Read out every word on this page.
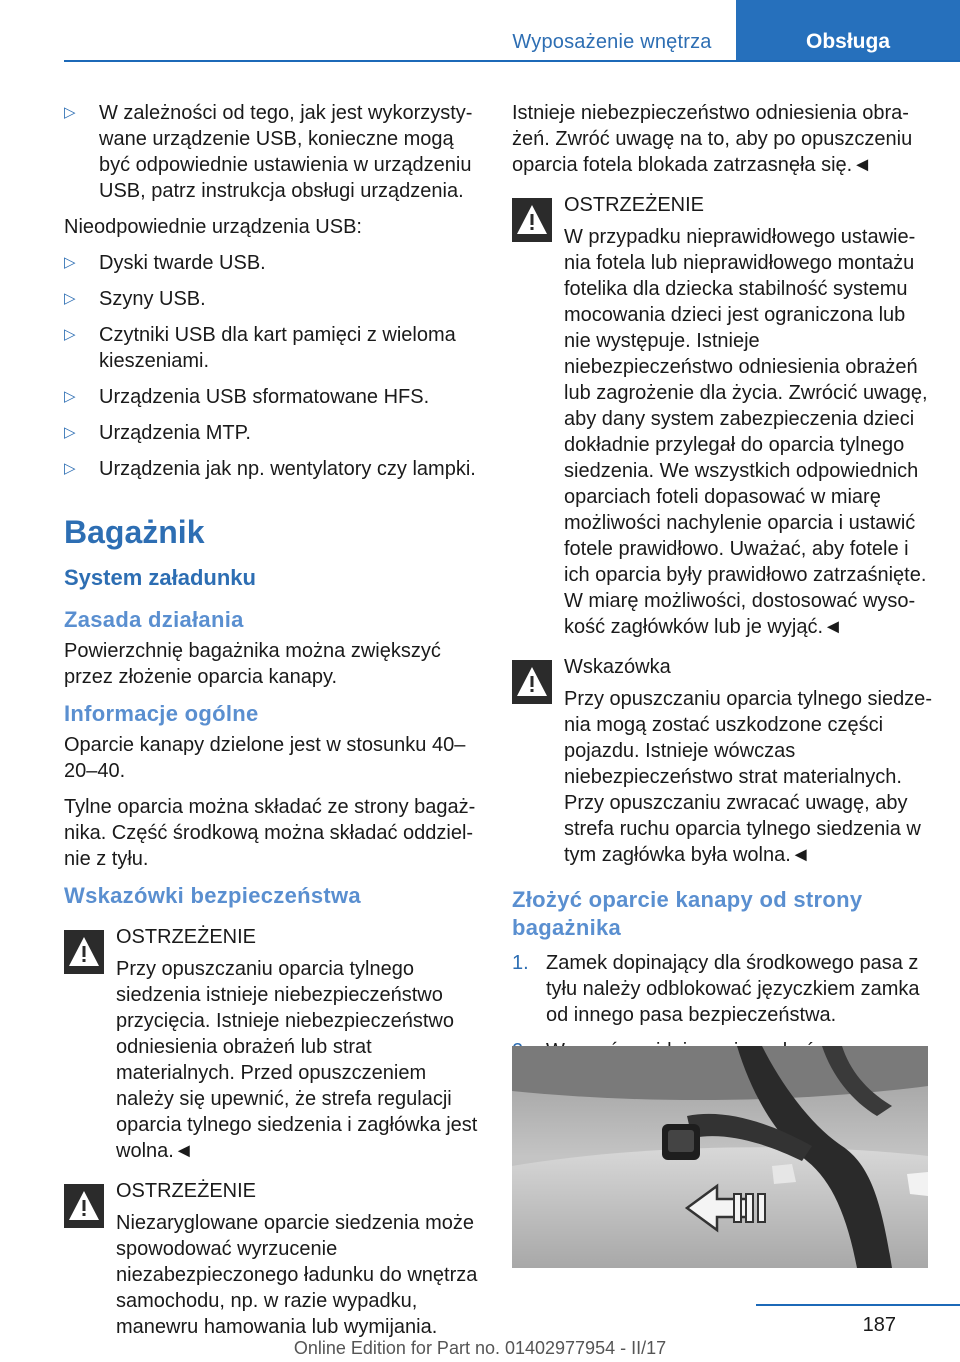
Wyposażenie wnętrza	Obsługa
▷ W zależności od tego, jak jest wykorzystywane urządzenie USB, konieczne mogą być odpowiednie ustawienia w urządzeniu USB, patrz instrukcja obsługi urządzenia.

Nieodpowiednie urządzenia USB:

▷ Dyski twarde USB.
▷ Szyny USB.
▷ Czytniki USB dla kart pamięci z wieloma kieszeniami.
▷ Urządzenia USB sformatowane HFS.
▷ Urządzenia MTP.
▷ Urządzenia jak np. wentylatory czy lampki.
Bagażnik
System załadunku
Zasada działania

Powierzchnię bagażnika można zwiększyć przez złożenie oparcia kanapy.

Informacje ogólne

Oparcie kanapy dzielone jest w stosunku 40–20–40.

Tylne oparcia można składać ze strony bagażnika. Część środkową można składać oddzielnie z tyłu.

Wskazówki bezpieczeństwa
OSTRZEŻENIE
Przy opuszczaniu oparcia tylnego siedzenia istnieje niebezpieczeństwo przycięcia. Istnieje niebezpieczeństwo odniesienia obrażeń lub strat materialnych. Przed opuszczeniem należy się upewnić, że strefa regulacji oparcia tylnego siedzenia i zagłówka jest wolna.◄
OSTRZEŻENIE
Niezaryglowane oparcie siedzenia może spowodować wyrzucenie niezabezpieczonego ładunku do wnętrza samochodu, np. w razie wypadku, manewru hamowania lub wymijania.

Istnieje niebezpieczeństwo odniesienia obrażeń. Zwróć uwagę na to, aby po opuszczeniu oparcia fotela blokada zatrzasnęła się.◄

OSTRZEŻENIE
W przypadku nieprawidłowego ustawienia fotela lub nieprawidłowego montażu fotelika dla dziecka stabilność systemu mocowania dzieci jest ograniczona lub nie występuje. Istnieje niebezpieczeństwo odniesienia obrażeń lub zagrożenie dla życia. Zwrócić uwagę, aby dany system zabezpieczenia dzieci dokładnie przylegał do oparcia tylnego siedzenia. We wszystkich odpowiednich oparciach foteli dopasować w miarę możliwości nachylenie oparcia i ustawić fotele prawidłowo. Uważać, aby fotele i ich oparcia były prawidłowo zatrzaśnięte. W miarę możliwości, dostosować wysokość zagłówków lub je wyjąć.◄
Wskazówka
Przy opuszczaniu oparcia tylnego siedzenia mogą zostać uszkodzone części pojazdu. Istnieje wówczas niebezpieczeństwo strat materialnych. Przy opuszczaniu zwracać uwagę, aby strefa ruchu oparcia tylnego siedzenia w tym zagłówka była wolna.◄
Złożyć oparcie kanapy od strony bagażnika
1. Zamek dopinający dla środkowego pasa z tyłu należy odblokować języczkiem zamka od innego pasa bezpieczeństwa.
187
Online Edition for Part no. 01402977954 - II/17
